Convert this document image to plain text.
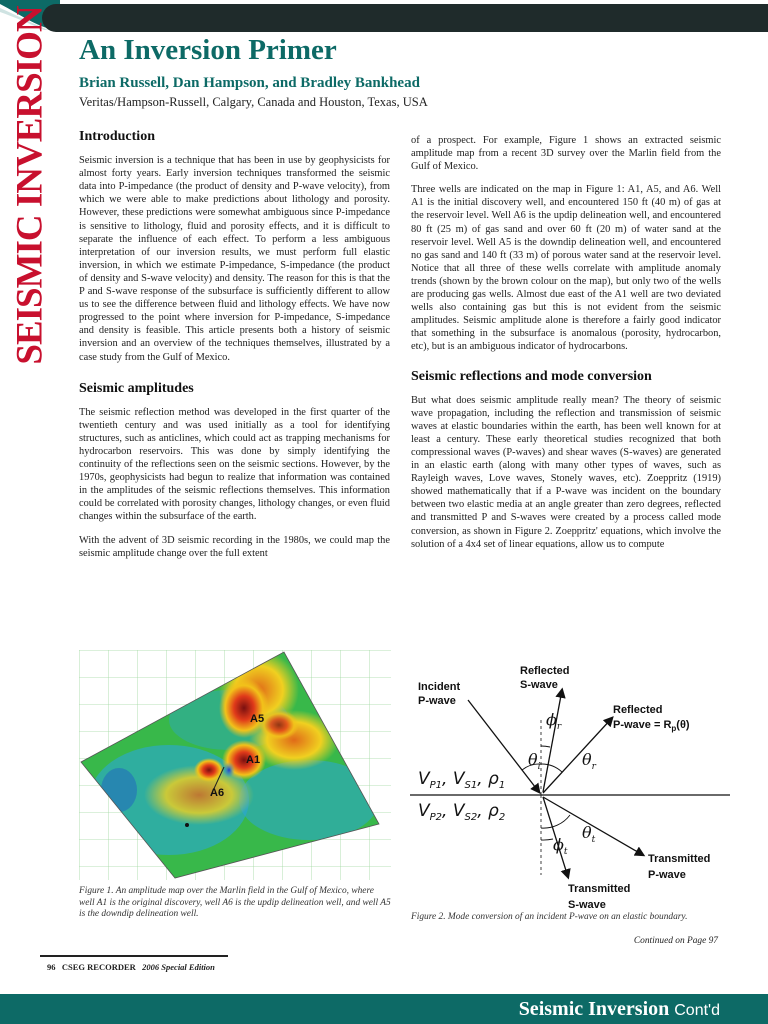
SEISMIC INVERSION An Inversion Primer
Brian Russell, Dan Hampson, and Bradley Bankhead
Veritas/Hampson-Russell, Calgary, Canada and Houston, Texas, USA
Introduction

Seismic inversion is a technique that has been in use by geophysicists for almost forty years. Early inversion techniques transformed the seismic data into P-impedance (the product of density and P-wave velocity), from which we were able to make predictions about lithology and porosity. However, these predictions were somewhat ambiguous since P-impedance is sensitive to lithology, fluid and porosity effects, and it is difficult to separate the influence of each effect. To perform a less ambiguous interpretation of our inversion results, we must perform full elastic inversion, in which we estimate P-impedance, S-impedance (the product of density and S-wave velocity) and density. The reason for this is that the P and S-wave response of the subsurface is sufficiently different to allow us to see the difference between fluid and lithology effects. We have now progressed to the point where inversion for P-impedance, S-impedance and density is feasible. This article presents both a history of seismic inversion and an overview of the techniques themselves, illustrated by a case study from the Gulf of Mexico.

Seismic amplitudes

The seismic reflection method was developed in the first quarter of the twentieth century and was used initially as a tool for identifying structures, such as anticlines, which could act as trapping mechanisms for hydrocarbon reservoirs. This was done by simply identifying the continuity of the reflections seen on the seismic sections. However, by the 1970s, geophysicists had begun to realize that information was contained in the amplitudes of the seismic reflections themselves. This information could be correlated with porosity changes, lithology changes, or even fluid changes within the subsurface of the earth.

With the advent of 3D seismic recording in the 1980s, we could map the seismic amplitude change over the full extent

of a prospect. For example, Figure 1 shows an extracted seismic amplitude map from a recent 3D survey over the Marlin field from the Gulf of Mexico.

Three wells are indicated on the map in Figure 1: A1, A5, and A6. Well A1 is the initial discovery well, and encountered 150 ft (40 m) of gas at the reservoir level. Well A6 is the updip delineation well, and encountered 80 ft (25 m) of gas sand and over 60 ft (20 m) of water sand at the reservoir level. Well A5 is the downdip delineation well, and encountered no gas sand and 140 ft (33 m) of porous water sand at the reservoir level. Notice that all three of these wells correlate with amplitude anomaly trends (shown by the brown colour on the map), but only two of the wells are producing gas wells. Almost due east of the A1 well are two deviated wells also containing gas but this is not evident from the seismic amplitudes. Seismic amplitude alone is therefore a fairly good indicator that something in the subsurface is anomalous (porosity, hydrocarbon, etc), but is an ambiguous indicator of hydrocarbons.

Seismic reflections and mode conversion

But what does seismic amplitude really mean? The theory of seismic wave propagation, including the reflection and transmission of seismic waves at elastic boundaries within the earth, has been well known for at least a century. These early theoretical studies recognized that both compressional waves (P-waves) and shear waves (S-waves) are generated in an elastic earth (along with many other types of waves, such as Rayleigh waves, Love waves, Stonely waves, etc). Zoeppritz (1919) showed mathematically that if a P-wave was incident on the boundary between two elastic media at an angle greater than zero degrees, reflected and transmitted P and S-waves were created by a process called mode conversion, as shown in Figure 2. Zoeppritz' equations, which involve the solution of a 4x4 set of linear equations, allow us to compute

A5
A1
A6
Figure 1. An amplitude map over the Marlin field in the Gulf of Mexico, where well A1 is the original discovery, well A6 is the updip delineation well, and well A5 is the downdip delineation well.
Incident
P-wave
Reflected
S-wave
Reflected
P-wave = $R_p(\theta)$
$\phi_r$
$\theta_i$	$\theta_r$
$V_{P1}$, $V_{S1}$, $\rho_1$
$V_{P2}$, $V_{S2}$, $\rho_2$
$\phi_t$
$\theta_t$
Transmitted
P-wave
Transmitted
S-wave
Figure 2. Mode conversion of an incident P-wave on an elastic boundary.
Continued on Page 97
96 CSEG RECORDER 2006 Special Edition
Seismic Inversion Cont'd
